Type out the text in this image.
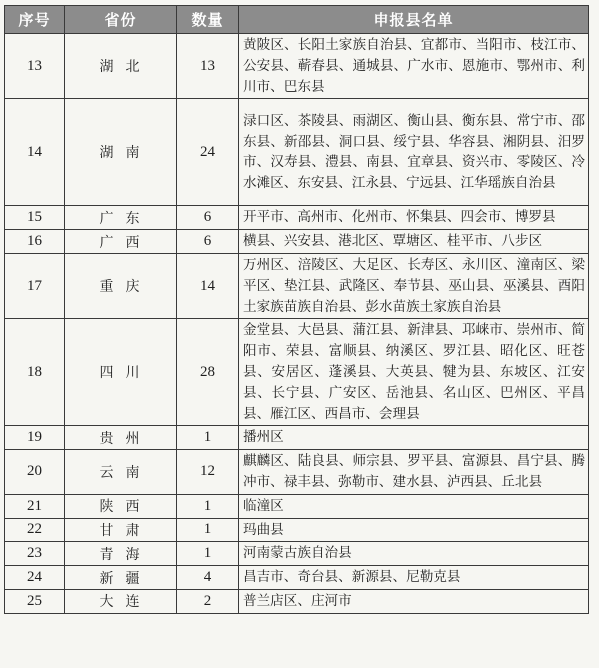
序号	省份	数量	申报县名单
13	湖北	13	黄陂区、长阳土家族自治县、宜都市、当阳市、枝江市、公安县、蕲春县、通城县、广水市、恩施市、鄂州市、利川市、巴东县
14	湖南	24	渌口区、茶陵县、雨湖区、衡山县、衡东县、常宁市、邵东县、新邵县、洞口县、绥宁县、华容县、湘阴县、汨罗市、汉寿县、澧县、南县、宜章县、资兴市、零陵区、冷水滩区、东安县、江永县、宁远县、江华瑶族自治县
15	广东	6	开平市、高州市、化州市、怀集县、四会市、博罗县
16	广西	6	横县、兴安县、港北区、覃塘区、桂平市、八步区
17	重庆	14	万州区、涪陵区、大足区、长寿区、永川区、潼南区、梁平区、垫江县、武隆区、奉节县、巫山县、巫溪县、酉阳土家族苗族自治县、彭水苗族土家族自治县
18	四川	28	金堂县、大邑县、蒲江县、新津县、邛崃市、崇州市、简阳市、荣县、富顺县、纳溪区、罗江县、昭化区、旺苍县、安居区、蓬溪县、大英县、犍为县、东坡区、江安县、长宁县、广安区、岳池县、名山区、巴州区、平昌县、雁江区、西昌市、会理县
19	贵州	1	播州区
20	云南	12	麒麟区、陆良县、师宗县、罗平县、富源县、昌宁县、腾冲市、禄丰县、弥勒市、建水县、泸西县、丘北县
21	陕西	1	临潼区
22	甘肃	1	玛曲县
23	青海	1	河南蒙古族自治县
24	新疆	4	昌吉市、奇台县、新源县、尼勒克县
25	大连	2	普兰店区、庄河市
